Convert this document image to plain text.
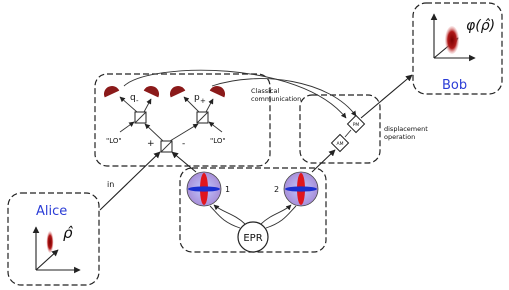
Alice
ρ̂
φ(ρ̂)
Bob
q -	p +
"LO"	"LO"
+	-
Classical communication
AM
PM	displacement operation
1	2
EPR
in
